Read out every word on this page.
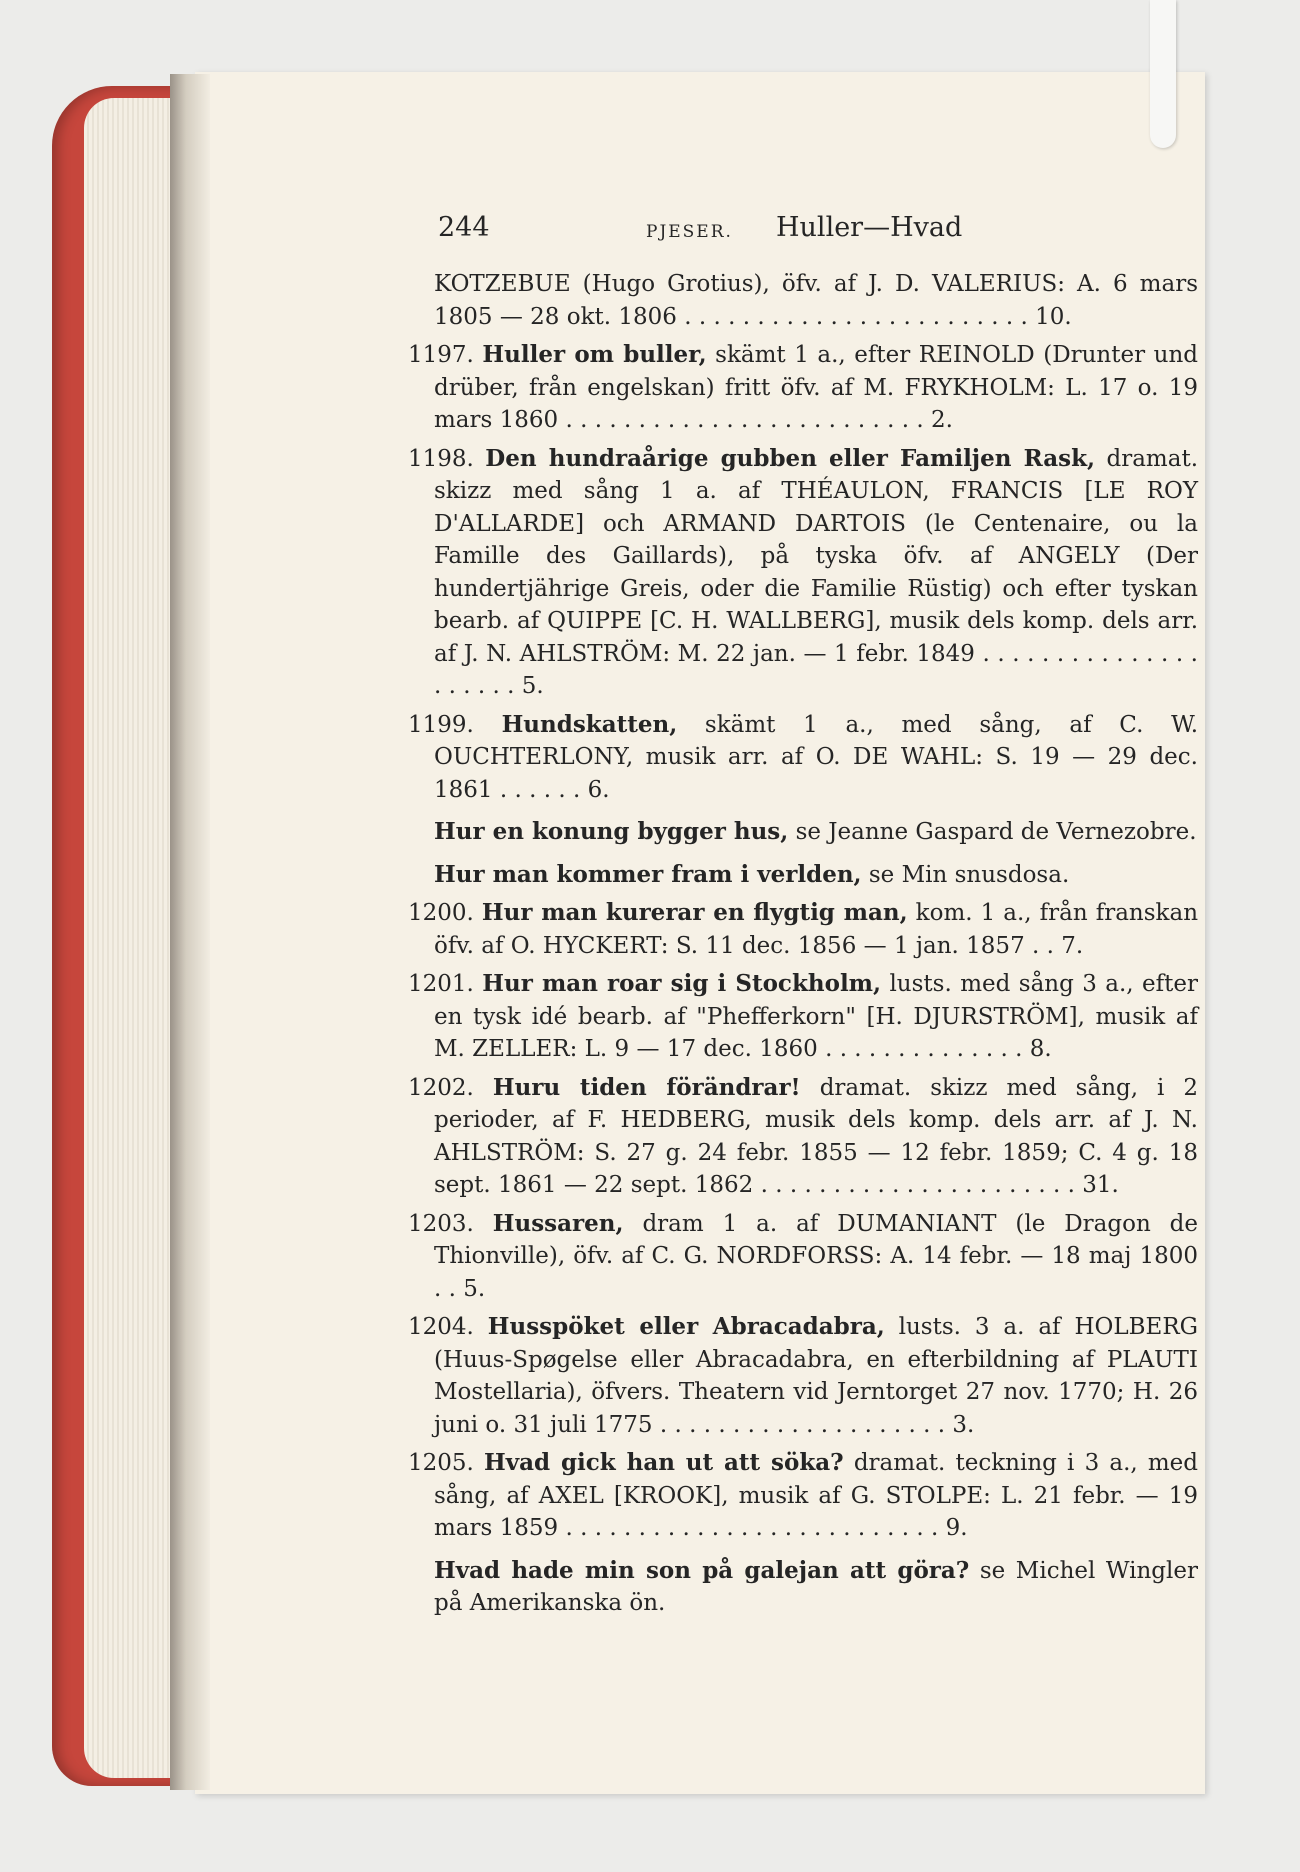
244	PJESER. Huller—Hvad
KOTZEBUE (Hugo Grotius), öfv. af J. D. VALERIUS: A. 6 mars 1805 — 28 okt. 1806 . . . . . . . . . . . . . . . . . . . . . . . . 10.
1197. Huller om buller, skämt 1 a., efter REINOLD (Drunter und drüber, från engelskan) fritt öfv. af M. FRYKHOLM: L. 17 o. 19 mars 1860 . . . . . . . . . . . . . . . . . . . . . . . . . 2.
1198. Den hundraårige gubben eller Familjen Rask, dramat. skizz med sång 1 a. af THÉAULON, FRANCIS [LE ROY D'ALLARDE] och ARMAND DARTOIS (le Centenaire, ou la Famille des Gaillards), på tyska öfv. af ANGELY (Der hundertjährige Greis, oder die Familie Rüstig) och efter tyskan bearb. af QUIPPE [C. H. WALLBERG], musik dels komp. dels arr. af J. N. AHLSTRÖM: M. 22 jan. — 1 febr. 1849 . . . . . . . . . . . . . . . . . . . . . 5.
1199. Hundskatten, skämt 1 a., med sång, af C. W. OUCHTERLONY, musik arr. af O. DE WAHL: S. 19 — 29 dec. 1861 . . . . . . 6.
Hur en konung bygger hus, se Jeanne Gaspard de Vernezobre.
Hur man kommer fram i verlden, se Min snusdosa.
1200. Hur man kurerar en flygtig man, kom. 1 a., från franskan öfv. af O. HYCKERT: S. 11 dec. 1856 — 1 jan. 1857 . . 7.
1201. Hur man roar sig i Stockholm, lusts. med sång 3 a., efter en tysk idé bearb. af "Phefferkorn" [H. DJURSTRÖM], musik af M. ZELLER: L. 9 — 17 dec. 1860 . . . . . . . . . . . . . . 8.
1202. Huru tiden förändrar! dramat. skizz med sång, i 2 perioder, af F. HEDBERG, musik dels komp. dels arr. af J. N. AHLSTRÖM: S. 27 g. 24 febr. 1855 — 12 febr. 1859; C. 4 g. 18 sept. 1861 — 22 sept. 1862 . . . . . . . . . . . . . . . . . . . . . . 31.
1203. Hussaren, dram 1 a. af DUMANIANT (le Dragon de Thionville), öfv. af C. G. NORDFORSS: A. 14 febr. — 18 maj 1800 . . 5.
1204. Husspöket eller Abracadabra, lusts. 3 a. af HOLBERG (Huus-Spøgelse eller Abracadabra, en efterbildning af PLAUTI Mostellaria), öfvers. Theatern vid Jerntorget 27 nov. 1770; H. 26 juni o. 31 juli 1775 . . . . . . . . . . . . . . . . . . . . 3.
1205. Hvad gick han ut att söka? dramat. teckning i 3 a., med sång, af AXEL [KROOK], musik af G. STOLPE: L. 21 febr. — 19 mars 1859 . . . . . . . . . . . . . . . . . . . . . . . . . . 9.
Hvad hade min son på galejan att göra? se Michel Wingler på Amerikanska ön.
